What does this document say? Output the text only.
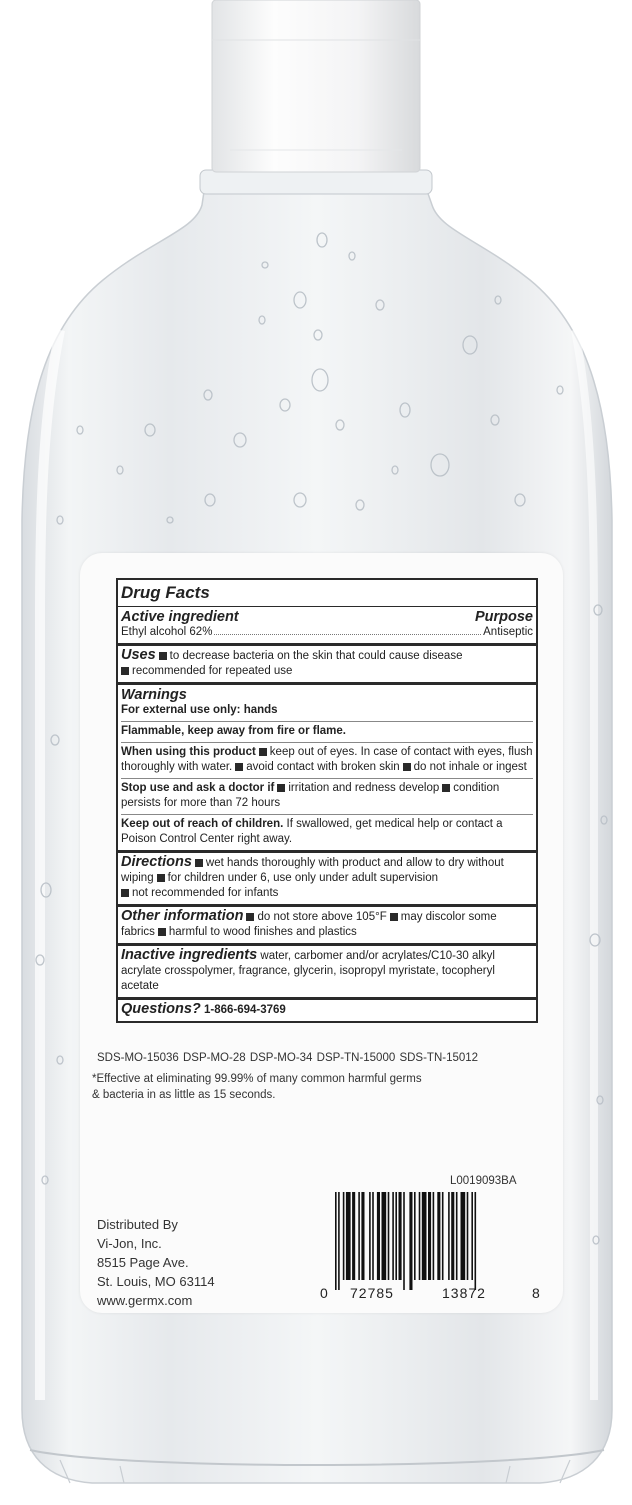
Drug Facts
Active ingredient	Purpose
Ethyl alcohol 62%	Antiseptic
Uses to decrease bacteria on the skin that could cause disease
recommended for repeated use
Warnings
For external use only: hands
Flammable, keep away from fire or flame.
When using this product keep out of eyes. In case of contact with eyes, flush thoroughly with water. avoid contact with broken skin do not inhale or ingest
Stop use and ask a doctor if irritation and redness develop condition persists for more than 72 hours
Keep out of reach of children. If swallowed, get medical help or contact a Poison Control Center right away.
Directions wet hands thoroughly with product and allow to dry without wiping for children under 6, use only under adult supervision
not recommended for infants
Other information do not store above 105°F may discolor some fabrics harmful to wood finishes and plastics
Inactive ingredients water, carbomer and/or acrylates/C10-30 alkyl acrylate crosspolymer, fragrance, glycerin, isopropyl myristate, tocopheryl acetate
Questions? 1-866-694-3769
SDS-MO-15036 DSP-MO-28 DSP-MO-34 DSP-TN-15000 SDS-TN-15012
*Effective at eliminating 99.99% of many common harmful germs & bacteria in as little as 15 seconds.
L0019093BA
Distributed By
Vi-Jon, Inc.
8515 Page Ave.
St. Louis, MO 63114
www.germx.com	0 72785	13872	8
